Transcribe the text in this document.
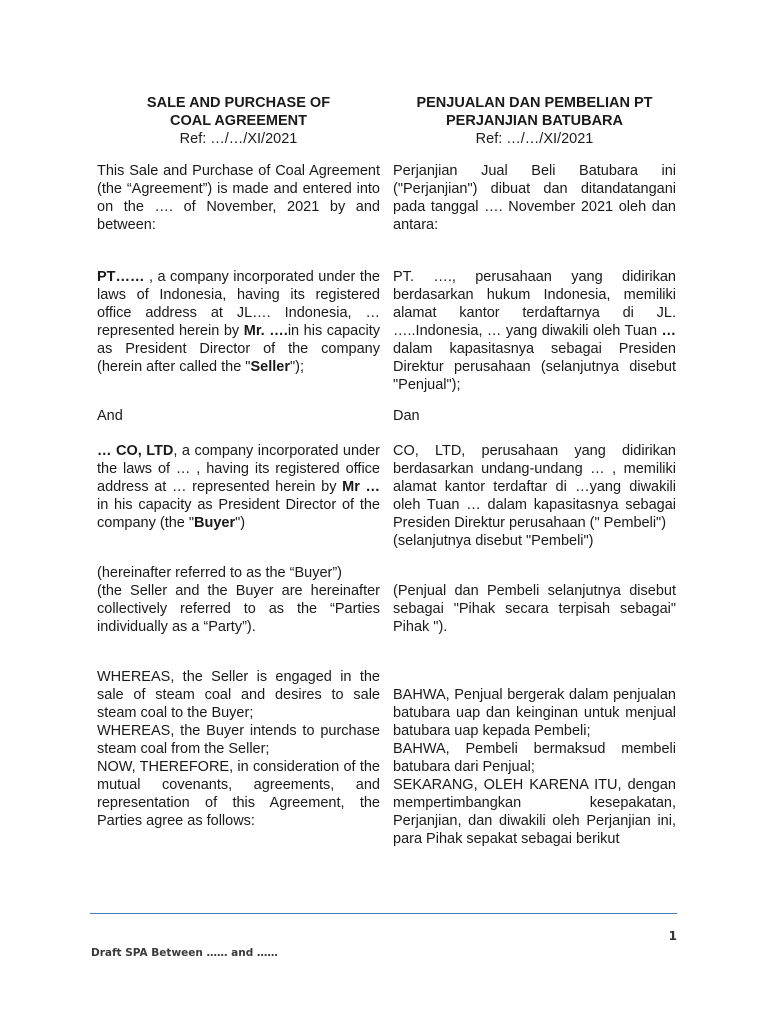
SALE AND PURCHASE OF
COAL AGREEMENT
Ref: …/…/XI/2021
This Sale and Purchase of Coal Agreement (the “Agreement”) is made and entered into on the …. of November, 2021 by and between:
PT…… , a company incorporated under the laws of Indonesia, having its registered office address at JL…. Indonesia, … represented herein by Mr. ….in his capacity as President Director of the company (herein after called the "Seller");
And
… CO, LTD, a company incorporated under the laws of … , having its registered office address at … represented herein by Mr … in his capacity as President Director of the company (the "Buyer")
(hereinafter referred to as the “Buyer”)
(the Seller and the Buyer are hereinafter collectively referred to as the “Parties individually as a “Party”).
WHEREAS, the Seller is engaged in the sale of steam coal and desires to sale steam coal to the Buyer;
WHEREAS, the Buyer intends to purchase steam coal from the Seller;
NOW, THEREFORE, in consideration of the mutual covenants, agreements, and representation of this Agreement, the Parties agree as follows:
PENJUALAN DAN PEMBELIAN PT
PERJANJIAN BATUBARA
Ref: …/…/XI/2021
Perjanjian Jual Beli Batubara ini ("Perjanjian") dibuat dan ditandatangani pada tanggal …. November 2021 oleh dan antara:
PT. …., perusahaan yang didirikan berdasarkan hukum Indonesia, memiliki alamat kantor terdaftarnya di JL. …..Indonesia, … yang diwakili oleh Tuan … dalam kapasitasnya sebagai Presiden Direktur perusahaan (selanjutnya disebut "Penjual");
Dan
CO, LTD, perusahaan yang didirikan berdasarkan undang-undang … , memiliki alamat kantor terdaftar di …yang diwakili oleh Tuan … dalam kapasitasnya sebagai Presiden Direktur perusahaan (" Pembeli")
(selanjutnya disebut "Pembeli")
(Penjual dan Pembeli selanjutnya disebut sebagai "Pihak secara terpisah sebagai" Pihak ").
BAHWA, Penjual bergerak dalam penjualan batubara uap dan keinginan untuk menjual batubara uap kepada Pembeli;
BAHWA, Pembeli bermaksud membeli batubara dari Penjual;
SEKARANG, OLEH KARENA ITU, dengan mempertimbangkan kesepakatan, Perjanjian, dan diwakili oleh Perjanjian ini, para Pihak sepakat sebagai berikut
1
Draft SPA Between …… and ……
